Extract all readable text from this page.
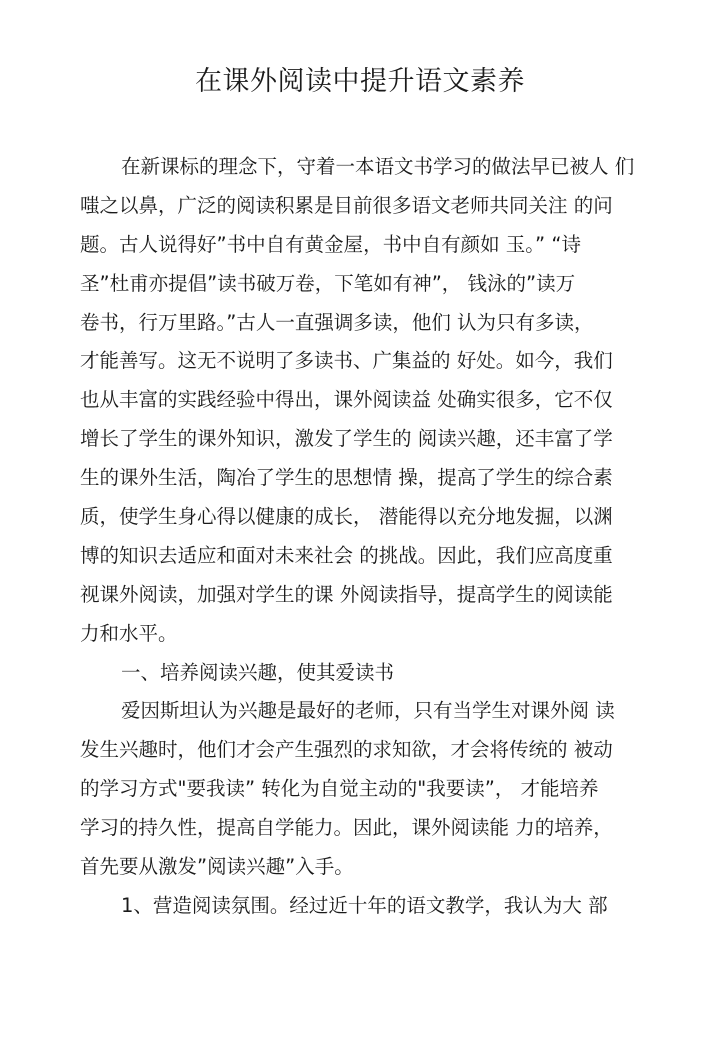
在课外阅读中提升语文素养
在新课标的理念下，守着一本语文书学习的做法早已被人 们
嗤之以鼻，广泛的阅读积累是目前很多语文老师共同关注 的问
题。古人说得好”书中自有黄金屋，书中自有颜如 玉。” “诗
圣”杜甫亦提倡”读书破万卷，下笔如有神”， 钱泳的”读万
卷书，行万里路。”古人一直强调多读，他们 认为只有多读，
才能善写。这无不说明了多读书、广集益的 好处。如今，我们
也从丰富的实践经验中得出，课外阅读益 处确实很多，它不仅
增长了学生的课外知识，激发了学生的 阅读兴趣，还丰富了学
生的课外生活，陶冶了学生的思想情 操，提高了学生的综合素
质，使学生身心得以健康的成长， 潜能得以充分地发掘，以渊
博的知识去适应和面对未来社会 的挑战。因此，我们应高度重
视课外阅读，加强对学生的课 外阅读指导，提高学生的阅读能
力和水平。
一、培养阅读兴趣，使其爱读书
爱因斯坦认为兴趣是最好的老师，只有当学生对课外阅 读
发生兴趣时，他们才会产生强烈的求知欲，才会将传统的 被动
的学习方式"要我读” 转化为自觉主动的"我要读”， 才能培养
学习的持久性，提高自学能力。因此，课外阅读能 力的培养，
首先要从激发”阅读兴趣”入手。
1、营造阅读氛围。经过近十年的语文教学，我认为大 部
